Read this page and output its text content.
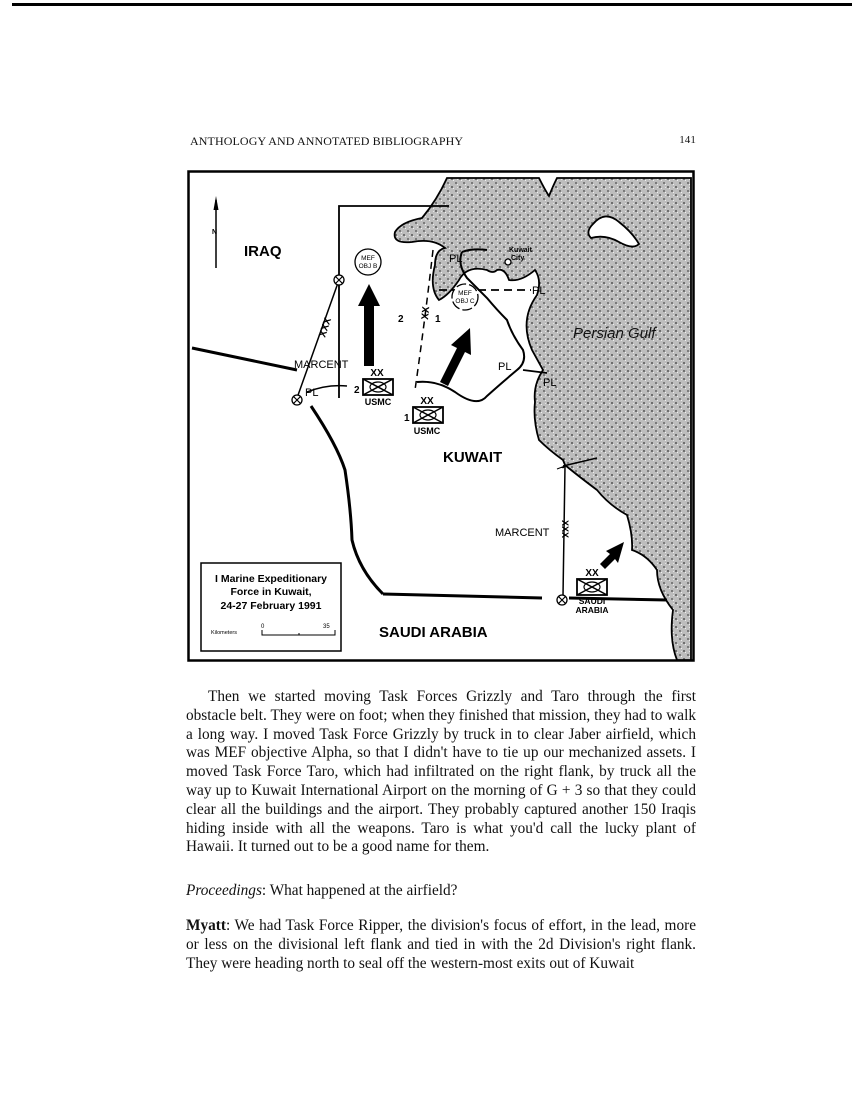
ANTHOLOGY AND ANNOTATED BIBLIOGRAPHY	141
XXX
XX
2	1
Kuwait
City
PL
PL
PL
PL
PL
MEF
OBJ B
MEF
OBJ C
MARCENT
XX
2
USMC	XX
1
USMC
IRAQ
KUWAIT
SAUDI ARABIA
Persian Gulf
XXX
MARCENT
XX
SAUDI
ARABIA
N
I Marine Expeditionary
Force in Kuwait,
24-27 February 1991
Kilometers
0	35
Then we started moving Task Forces Grizzly and Taro through the first obstacle belt. They were on foot; when they finished that mission, they had to walk a long way. I moved Task Force Grizzly by truck in to clear Jaber airfield, which was MEF objective Alpha, so that I didn't have to tie up our mechanized assets. I moved Task Force Taro, which had infiltrated on the right flank, by truck all the way up to Kuwait International Airport on the morning of G + 3 so that they could clear all the buildings and the airport. They probably captured another 150 Iraqis hiding inside with all the weapons. Taro is what you'd call the lucky plant of Hawaii. It turned out to be a good name for them.
Proceedings: What happened at the airfield?
Myatt: We had Task Force Ripper, the division's focus of effort, in the lead, more or less on the divisional left flank and tied in with the 2d Division's right flank. They were heading north to seal off the western-most exits out of Kuwait
